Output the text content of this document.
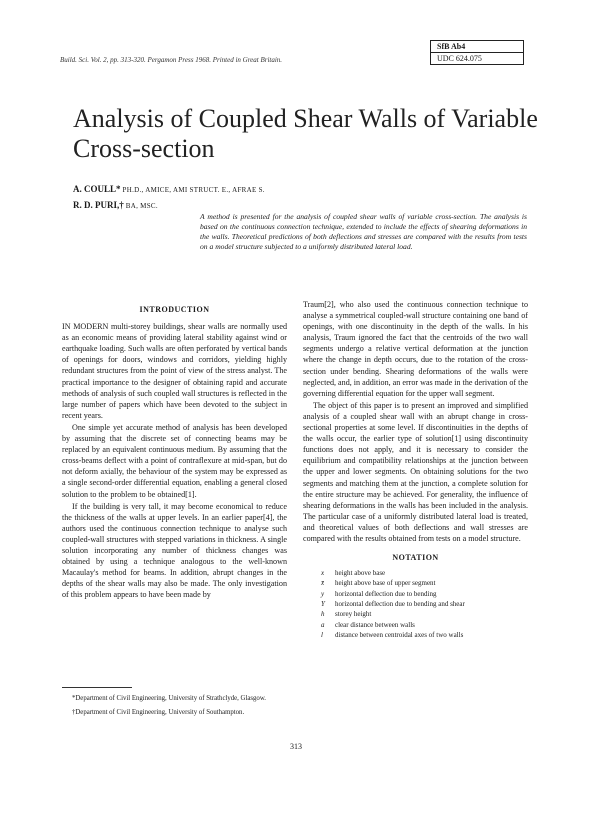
Build. Sci. Vol. 2, pp. 313-320. Pergamon Press 1968. Printed in Great Britain.
SfB Ab4
UDC 624.075
Analysis of Coupled Shear Walls of Variable Cross-section
A. COULL* PH.D., AMICE, AMI STRUCT. E., AFRAE S.
R. D. PURI,† BA, MSC.
A method is presented for the analysis of coupled shear walls of variable cross-section. The analysis is based on the continuous connection technique, extended to include the effects of shearing deformations in the walls. Theoretical predictions of both deflections and stresses are compared with the results from tests on a model structure subjected to a uniformly distributed lateral load.
INTRODUCTION

IN MODERN multi-storey buildings, shear walls are normally used as an economic means of providing lateral stability against wind or earthquake loading. Such walls are often perforated by vertical bands of openings for doors, windows and corridors, yielding highly redundant structures from the point of view of the stress analyst. The practical importance to the designer of obtaining rapid and accurate methods of analysis of such coupled wall structures is reflected in the large number of papers which have been devoted to the subject in recent years.

One simple yet accurate method of analysis has been developed by assuming that the discrete set of connecting beams may be replaced by an equivalent continuous medium. By assuming that the cross-beams deflect with a point of contraflexure at mid-span, but do not deform axially, the behaviour of the system may be expressed as a single second-order differential equation, enabling a general closed solution to the problem to be obtained[1].

If the building is very tall, it may become economical to reduce the thickness of the walls at upper levels. In an earlier paper[4], the authors used the continuous connection technique to analyse such coupled-wall structures with stepped variations in thickness. A single solution incorporating any number of thickness changes was obtained by using a technique analogous to the well-known Macaulay's method for beams. In addition, abrupt changes in the depths of the shear walls may also be made. The only investigation of this problem appears to have been made by

Traum[2], who also used the continuous connection technique to analyse a symmetrical coupled-wall structure containing one band of openings, with one discontinuity in the depth of the walls. In his analysis, Traum ignored the fact that the centroids of the two wall segments undergo a relative vertical deformation at the junction where the change in depth occurs, due to the rotation of the cross-section under bending. Shearing deformations of the walls were neglected, and, in addition, an error was made in the derivation of the governing differential equation for the upper wall segment.

The object of this paper is to present an improved and simplified analysis of a coupled shear wall with an abrupt change in cross-sectional properties at some level. If discontinuities in the depths of the walls occur, the earlier type of solution[1] using discontinuity functions does not apply, and it is necessary to consider the equilibrium and compatibility relationships at the junction between the upper and lower segments. On obtaining solutions for the two segments and matching them at the junction, a complete solution for the entire structure may be achieved. For generality, the influence of shearing deformations in the walls has been included in the analysis. The particular case of a uniformly distributed lateral load is treated, and theoretical values of both deflections and wall stresses are compared with the results obtained from tests on a model structure.

NOTATION
x	height above base
x̄	height above base of upper segment
y	horizontal deflection due to bending
Y	horizontal deflection due to bending and shear
h	storey height
a	clear distance between walls
l	distance between centroidal axes of two walls
*Department of Civil Engineering, University of Strathclyde, Glasgow.
†Department of Civil Engineering, University of Southampton.
313
